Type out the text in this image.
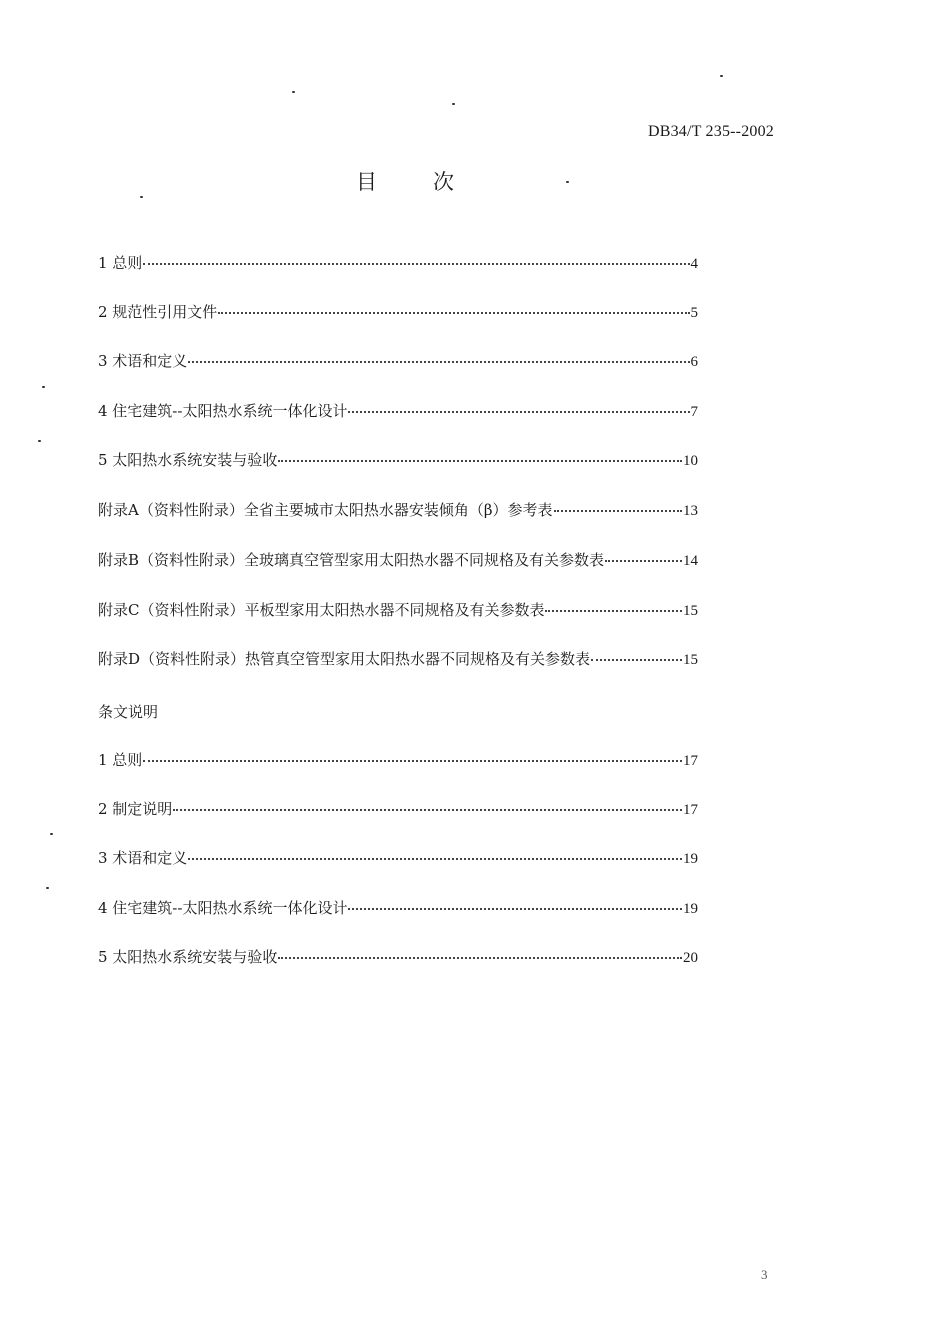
DB34/T 235--2002
目次
1 总则	4
2 规范性引用文件	5
3 术语和定义	6
4 住宅建筑--太阳热水系统一体化设计	7
5 太阳热水系统安装与验收	10
附录A（资料性附录）全省主要城市太阳热水器安装倾角（β）参考表	13
附录B（资料性附录）全玻璃真空管型家用太阳热水器不同规格及有关参数表	14
附录C（资料性附录）平板型家用太阳热水器不同规格及有关参数表	15
附录D（资料性附录）热管真空管型家用太阳热水器不同规格及有关参数表	15
条文说明
1 总则	17
2 制定说明	17
3 术语和定义	19
4 住宅建筑--太阳热水系统一体化设计	19
5 太阳热水系统安装与验收	20
3
